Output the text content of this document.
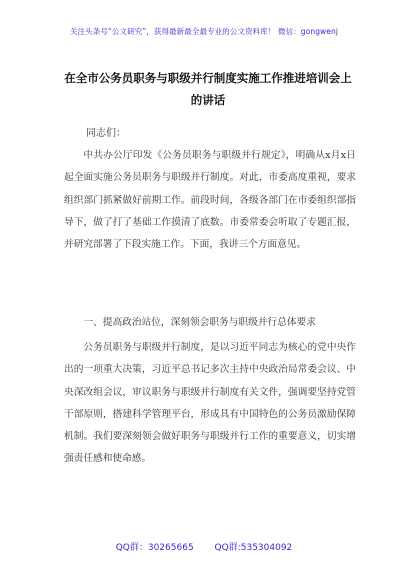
关注头条号“公文研究”，获得最新最全最专业的公文资料库！ 微信：gongwenj
在全市公务员职务与职级并行制度实施工作推进培训会上
的讲话
同志们：
中共办公厅印发《公务员职务与职级并行规定》，明确从x月x日起全面实施公务员职务与职级并行制度。对此，市委高度重视，要求组织部门抓紧做好前期工作。前段时间，各级各部门在市委组织部指导下，做了打了基础工作摸清了底数。市委常委会听取了专题汇报，并研究部署了下段实施工作。下面，我讲三个方面意见。
一、提高政治站位，深刻领会职务与职级并行总体要求
公务员职务与职级并行制度，是以习近平同志为核心的党中央作出的一项重大决策，习近平总书记多次主持中央政治局常委会议、中央深改组会议，审议职务与职级并行制度有关文件，强调要坚持党管干部原则，搭建科学管理平台，形成具有中国特色的公务员激励保障机制。我们要深刻领会做好职务与职级并行工作的重要意义，切实增强责任感和使命感。
QQ群：30265665 QQ群:535304092
